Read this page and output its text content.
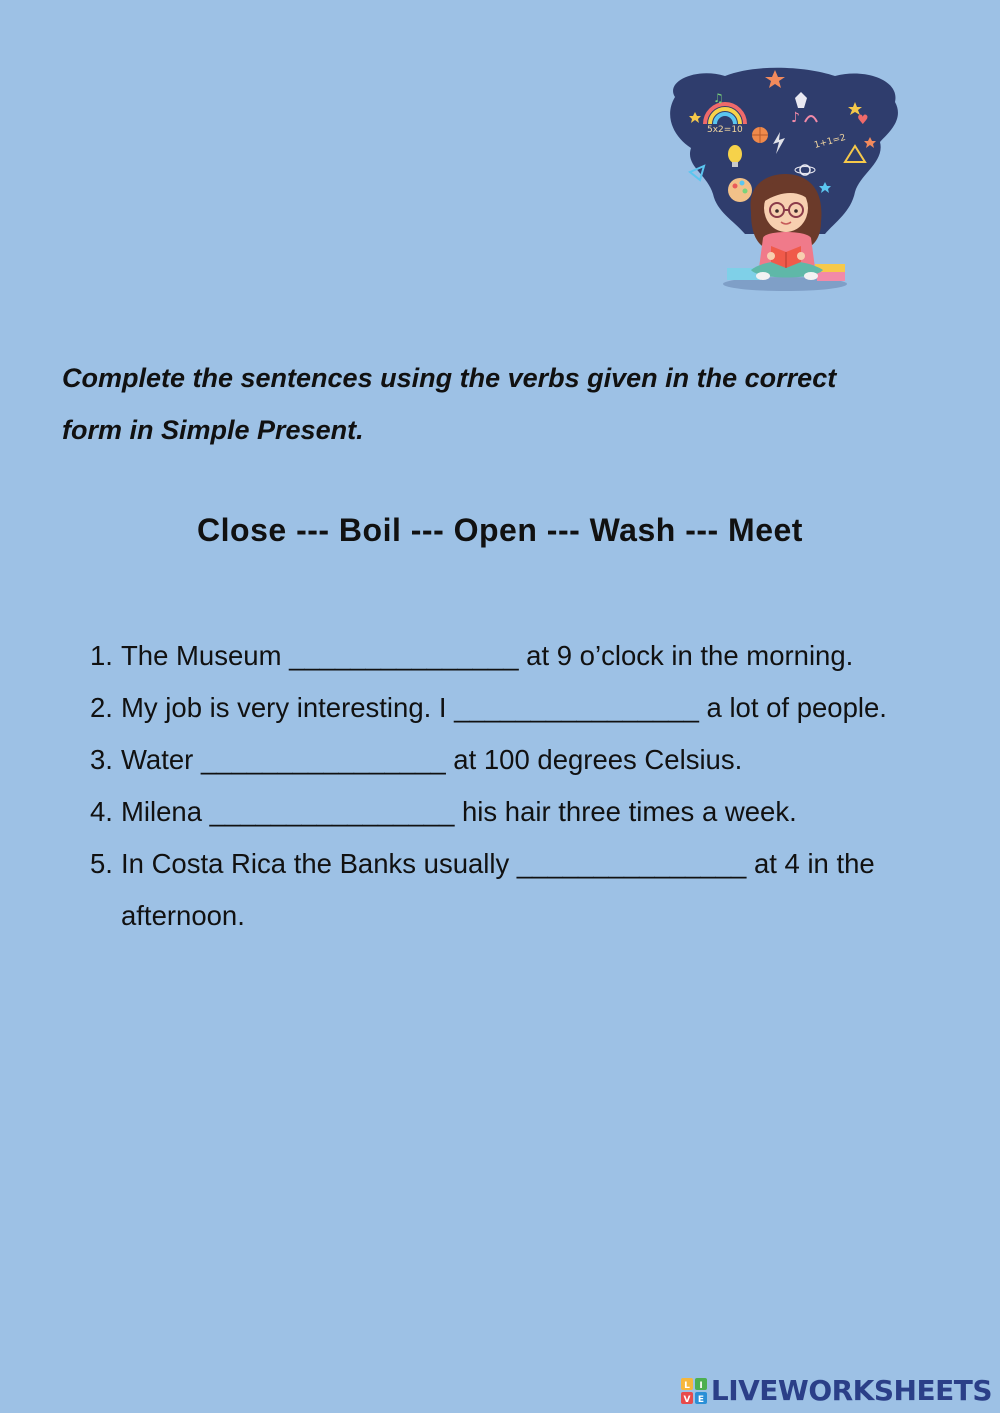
5x2=10
1+1=2
♪
♫
♥

Complete the sentences using the verbs given in the correct
form in Simple Present.

Close --- Boil --- Open --- Wash --- Meet

1. The Museum _______________ at 9 o’clock in the morning.
2. My job is very interesting. I ________________ a lot of people.
3. Water ________________ at 100 degrees Celsius.
4. Milena ________________ his hair three times a week.
5. In Costa Rica the Banks usually _______________ at 4 in the afternoon.
L I
V E LIVEWORKSHEETS
